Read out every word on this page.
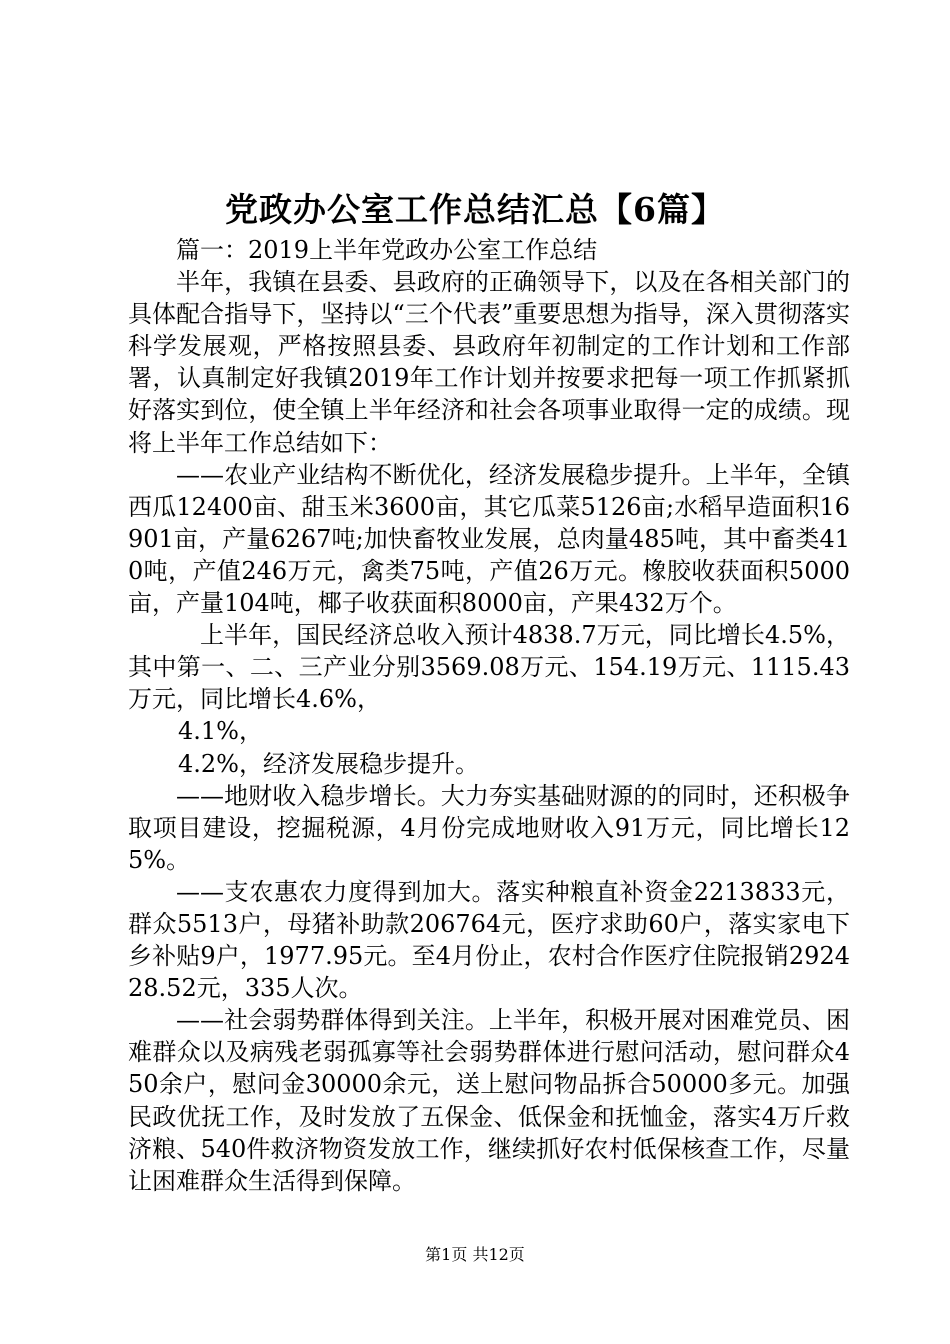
党政办公室工作总结汇总【6篇】

篇一：2019上半年党政办公室工作总结

半年，我镇在县委、县政府的正确领导下，以及在各相关部门的具体配合指导下，坚持以“三个代表”重要思想为指导，深入贯彻落实科学发展观，严格按照县委、县政府年初制定的工作计划和工作部署，认真制定好我镇2019年工作计划并按要求把每一项工作抓紧抓好落实到位，使全镇上半年经济和社会各项事业取得一定的成绩。现将上半年工作总结如下：

——农业产业结构不断优化，经济发展稳步提升。上半年，全镇西瓜12400亩、甜玉米3600亩，其它瓜菜5126亩;水稻早造面积16901亩，产量6267吨;加快畜牧业发展，总肉量485吨，其中畜类410吨，产值246万元，禽类75吨，产值26万元。橡胶收获面积5000亩，产量104吨，椰子收获面积8000亩，产果432万个。

上半年，国民经济总收入预计4838.7万元，同比增长4.5%，其中第一、二、三产业分别3569.08万元、154.19万元、1115.43万元，同比增长4.6%，

4.1%，

4.2%，经济发展稳步提升。

——地财收入稳步增长。大力夯实基础财源的的同时，还积极争取项目建设，挖掘税源，4月份完成地财收入91万元，同比增长125%。

——支农惠农力度得到加大。落实种粮直补资金2213833元，群众5513户，母猪补助款206764元，医疗求助60户，落实家电下乡补贴9户，1977.95元。至4月份止，农村合作医疗住院报销292428.52元，335人次。

——社会弱势群体得到关注。上半年，积极开展对困难党员、困难群众以及病残老弱孤寡等社会弱势群体进行慰问活动，慰问群众450余户，慰问金30000余元，送上慰问物品拆合50000多元。加强民政优抚工作，及时发放了五保金、低保金和抚恤金，落实4万斤救济粮、540件救济物资发放工作，继续抓好农村低保核查工作，尽量让困难群众生活得到保障。

第1页 共12页
